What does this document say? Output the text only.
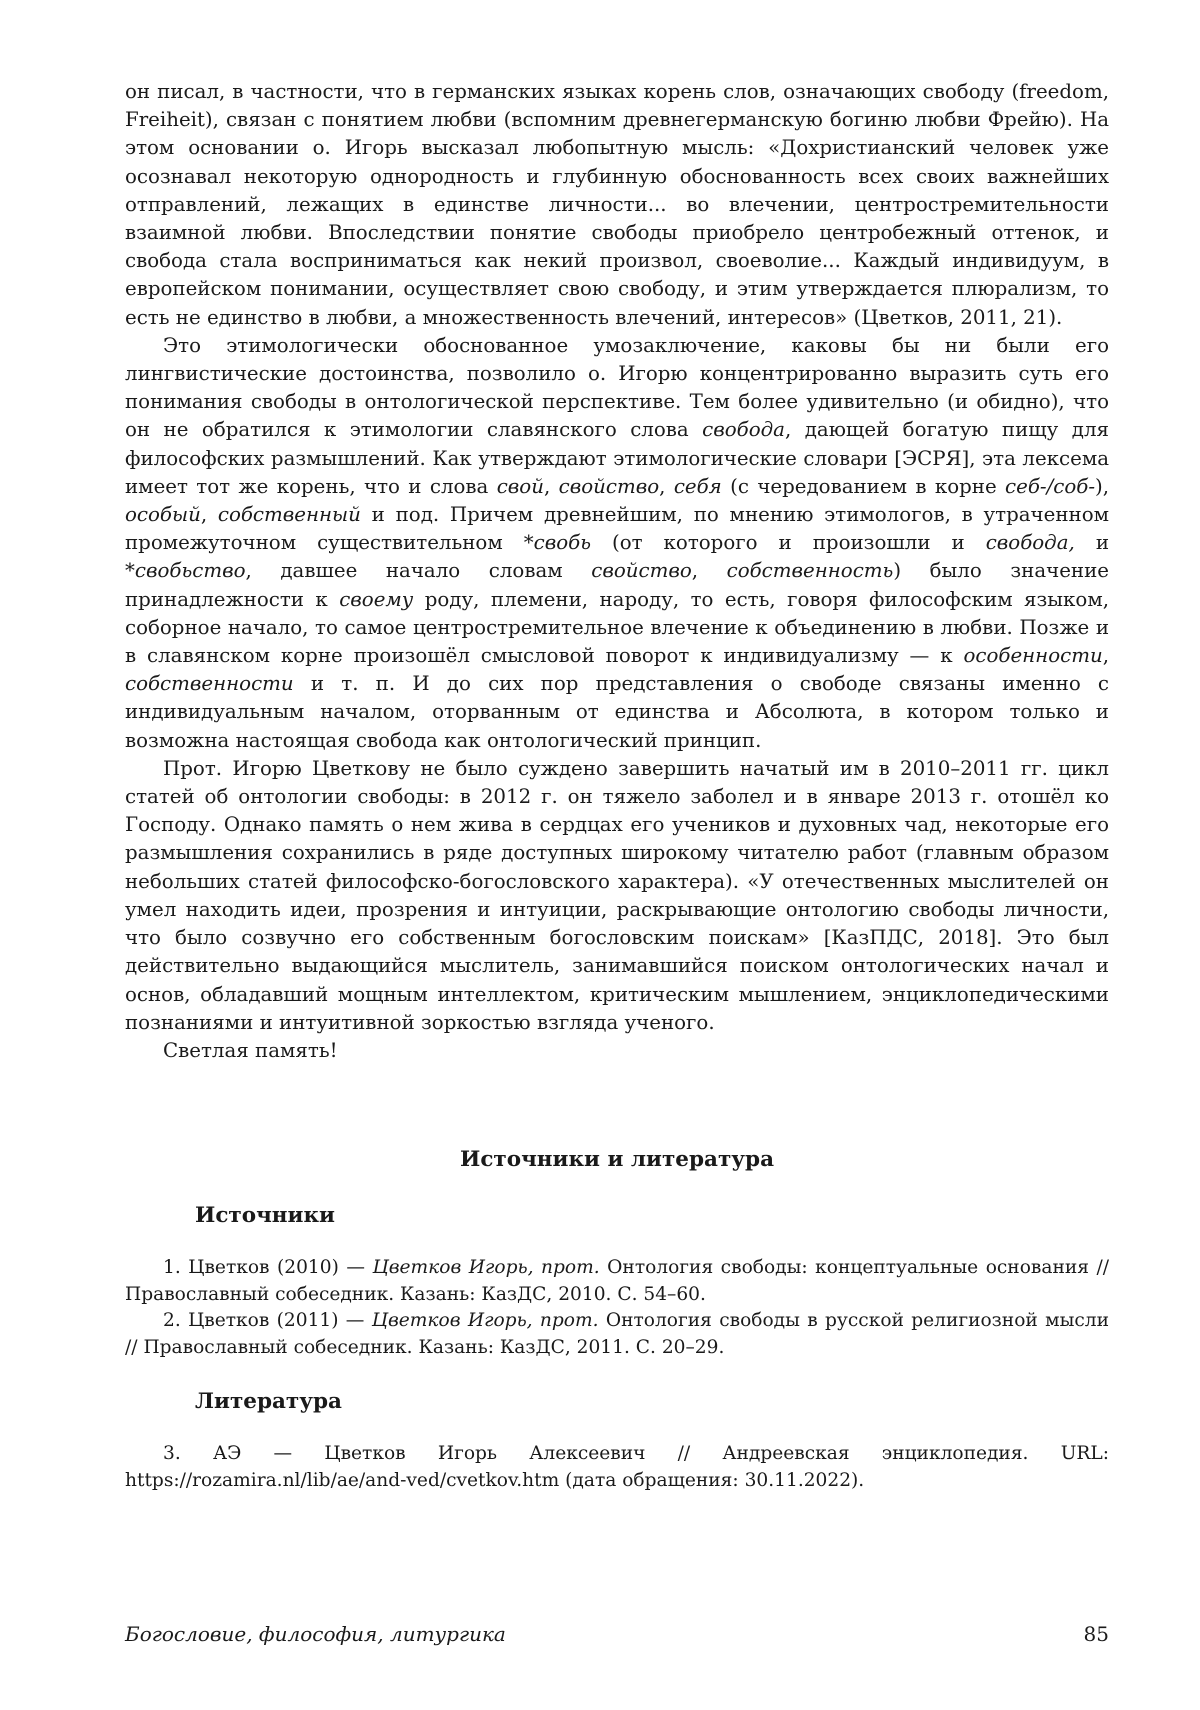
он писал, в частности, что в германских языках корень слов, означающих свободу (freedom, Freiheit), связан с понятием любви (вспомним древнегерманскую богиню любви Фрейю). На этом основании о. Игорь высказал любопытную мысль: «Дохристианский человек уже осознавал некоторую однородность и глубинную обоснованность всех своих важнейших отправлений, лежащих в единстве личности... во влечении, центростремительности взаимной любви. Впоследствии понятие свободы приобрело центробежный оттенок, и свобода стала восприниматься как некий произвол, своеволие... Каждый индивидуум, в европейском понимании, осуществляет свою свободу, и этим утверждается плюрализм, то есть не единство в любви, а множественность влечений, интересов» (Цветков, 2011, 21).

Это этимологически обоснованное умозаключение, каковы бы ни были его лингвистические достоинства, позволило о. Игорю концентрированно выразить суть его понимания свободы в онтологической перспективе. Тем более удивительно (и обидно), что он не обратился к этимологии славянского слова свобода, дающей богатую пищу для философских размышлений. Как утверждают этимологические словари [ЭСРЯ], эта лексема имеет тот же корень, что и слова свой, свойство, себя (с чередованием в корне себ-/соб-), особый, собственный и под. Причем древнейшим, по мнению этимологов, в утраченном промежуточном существительном *свобь (от которого и произошли и свобода, и *свобьство, давшее начало словам свойство, собственность) было значение принадлежности к своему роду, племени, народу, то есть, говоря философским языком, соборное начало, то самое центростремительное влечение к объединению в любви. Позже и в славянском корне произошёл смысловой поворот к индивидуализму — к особенности, собственности и т. п. И до сих пор представления о свободе связаны именно с индивидуальным началом, оторванным от единства и Абсолюта, в котором только и возможна настоящая свобода как онтологический принцип.

Прот. Игорю Цветкову не было суждено завершить начатый им в 2010–2011 гг. цикл статей об онтологии свободы: в 2012 г. он тяжело заболел и в январе 2013 г. отошёл ко Господу. Однако память о нем жива в сердцах его учеников и духовных чад, некоторые его размышления сохранились в ряде доступных широкому читателю работ (главным образом небольших статей философско-богословского характера). «У отечественных мыслителей он умел находить идеи, прозрения и интуиции, раскрывающие онтологию свободы личности, что было созвучно его собственным богословским поискам» [КазПДС, 2018]. Это был действительно выдающийся мыслитель, занимавшийся поиском онтологических начал и основ, обладавший мощным интеллектом, критическим мышлением, энциклопедическими познаниями и интуитивной зоркостью взгляда ученого.

Светлая память!

Источники и литература
Источники

1. Цветков (2010) — Цветков Игорь, прот. Онтология свободы: концептуальные основания // Православный собеседник. Казань: КазДС, 2010. С. 54–60.

2. Цветков (2011) — Цветков Игорь, прот. Онтология свободы в русской религиозной мысли // Православный собеседник. Казань: КазДС, 2011. С. 20–29.

Литература

3. АЭ — Цветков Игорь Алексеевич // Андреевская энциклопедия. URL: https://rozamira.nl/lib/ae/and-ved/cvetkov.htm (дата обращения: 30.11.2022).

Богословие, философия, литургика	85
